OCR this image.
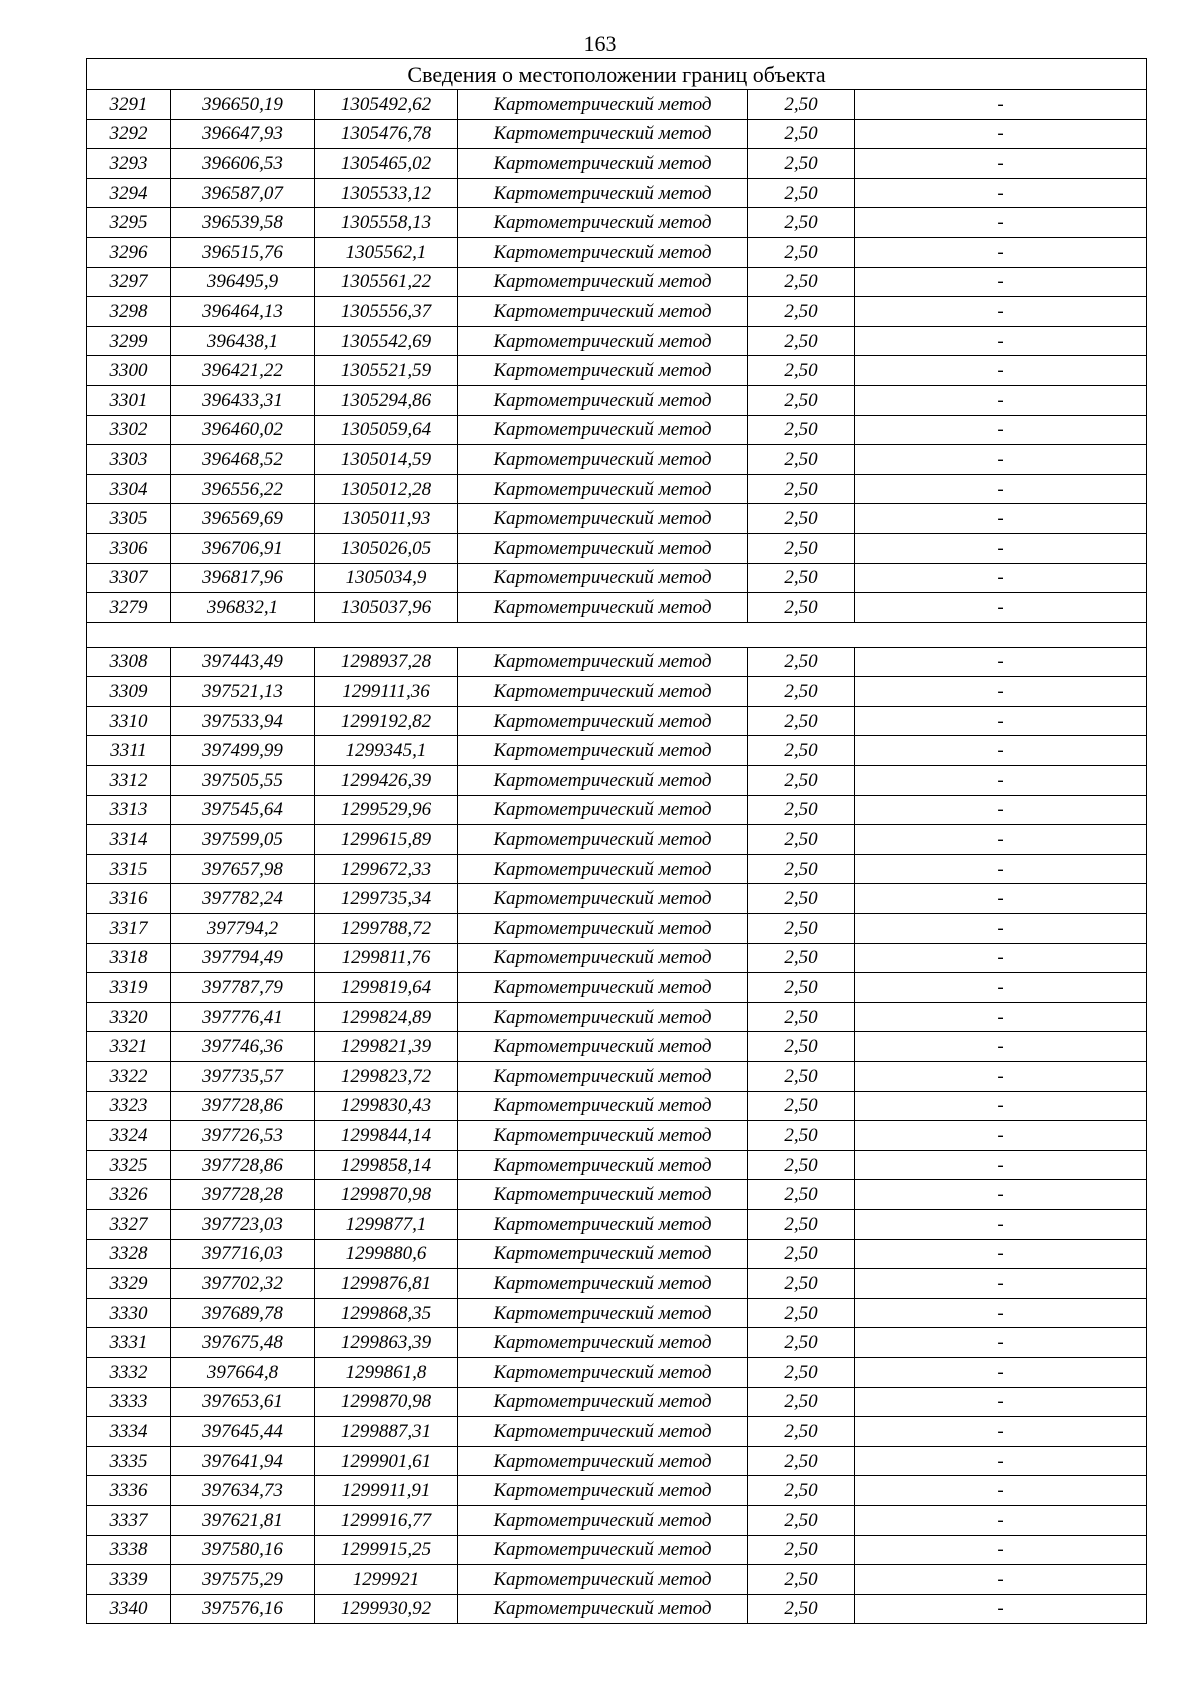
163
Сведения о местоположении границ объекта					
3291	396650,19	1305492,62	Картометрический метод	2,50	-
3292	396647,93	1305476,78	Картометрический метод	2,50	-
3293	396606,53	1305465,02	Картометрический метод	2,50	-
3294	396587,07	1305533,12	Картометрический метод	2,50	-
3295	396539,58	1305558,13	Картометрический метод	2,50	-
3296	396515,76	1305562,1	Картометрический метод	2,50	-
3297	396495,9	1305561,22	Картометрический метод	2,50	-
3298	396464,13	1305556,37	Картометрический метод	2,50	-
3299	396438,1	1305542,69	Картометрический метод	2,50	-
3300	396421,22	1305521,59	Картометрический метод	2,50	-
3301	396433,31	1305294,86	Картометрический метод	2,50	-
3302	396460,02	1305059,64	Картометрический метод	2,50	-
3303	396468,52	1305014,59	Картометрический метод	2,50	-
3304	396556,22	1305012,28	Картометрический метод	2,50	-
3305	396569,69	1305011,93	Картометрический метод	2,50	-
3306	396706,91	1305026,05	Картометрический метод	2,50	-
3307	396817,96	1305034,9	Картометрический метод	2,50	-
3279	396832,1	1305037,96	Картометрический метод	2,50	-

3308	397443,49	1298937,28	Картометрический метод	2,50	-
3309	397521,13	1299111,36	Картометрический метод	2,50	-
3310	397533,94	1299192,82	Картометрический метод	2,50	-
3311	397499,99	1299345,1	Картометрический метод	2,50	-
3312	397505,55	1299426,39	Картометрический метод	2,50	-
3313	397545,64	1299529,96	Картометрический метод	2,50	-
3314	397599,05	1299615,89	Картометрический метод	2,50	-
3315	397657,98	1299672,33	Картометрический метод	2,50	-
3316	397782,24	1299735,34	Картометрический метод	2,50	-
3317	397794,2	1299788,72	Картометрический метод	2,50	-
3318	397794,49	1299811,76	Картометрический метод	2,50	-
3319	397787,79	1299819,64	Картометрический метод	2,50	-
3320	397776,41	1299824,89	Картометрический метод	2,50	-
3321	397746,36	1299821,39	Картометрический метод	2,50	-
3322	397735,57	1299823,72	Картометрический метод	2,50	-
3323	397728,86	1299830,43	Картометрический метод	2,50	-
3324	397726,53	1299844,14	Картометрический метод	2,50	-
3325	397728,86	1299858,14	Картометрический метод	2,50	-
3326	397728,28	1299870,98	Картометрический метод	2,50	-
3327	397723,03	1299877,1	Картометрический метод	2,50	-
3328	397716,03	1299880,6	Картометрический метод	2,50	-
3329	397702,32	1299876,81	Картометрический метод	2,50	-
3330	397689,78	1299868,35	Картометрический метод	2,50	-
3331	397675,48	1299863,39	Картометрический метод	2,50	-
3332	397664,8	1299861,8	Картометрический метод	2,50	-
3333	397653,61	1299870,98	Картометрический метод	2,50	-
3334	397645,44	1299887,31	Картометрический метод	2,50	-
3335	397641,94	1299901,61	Картометрический метод	2,50	-
3336	397634,73	1299911,91	Картометрический метод	2,50	-
3337	397621,81	1299916,77	Картометрический метод	2,50	-
3338	397580,16	1299915,25	Картометрический метод	2,50	-
3339	397575,29	1299921	Картометрический метод	2,50	-
3340	397576,16	1299930,92	Картометрический метод	2,50	-
